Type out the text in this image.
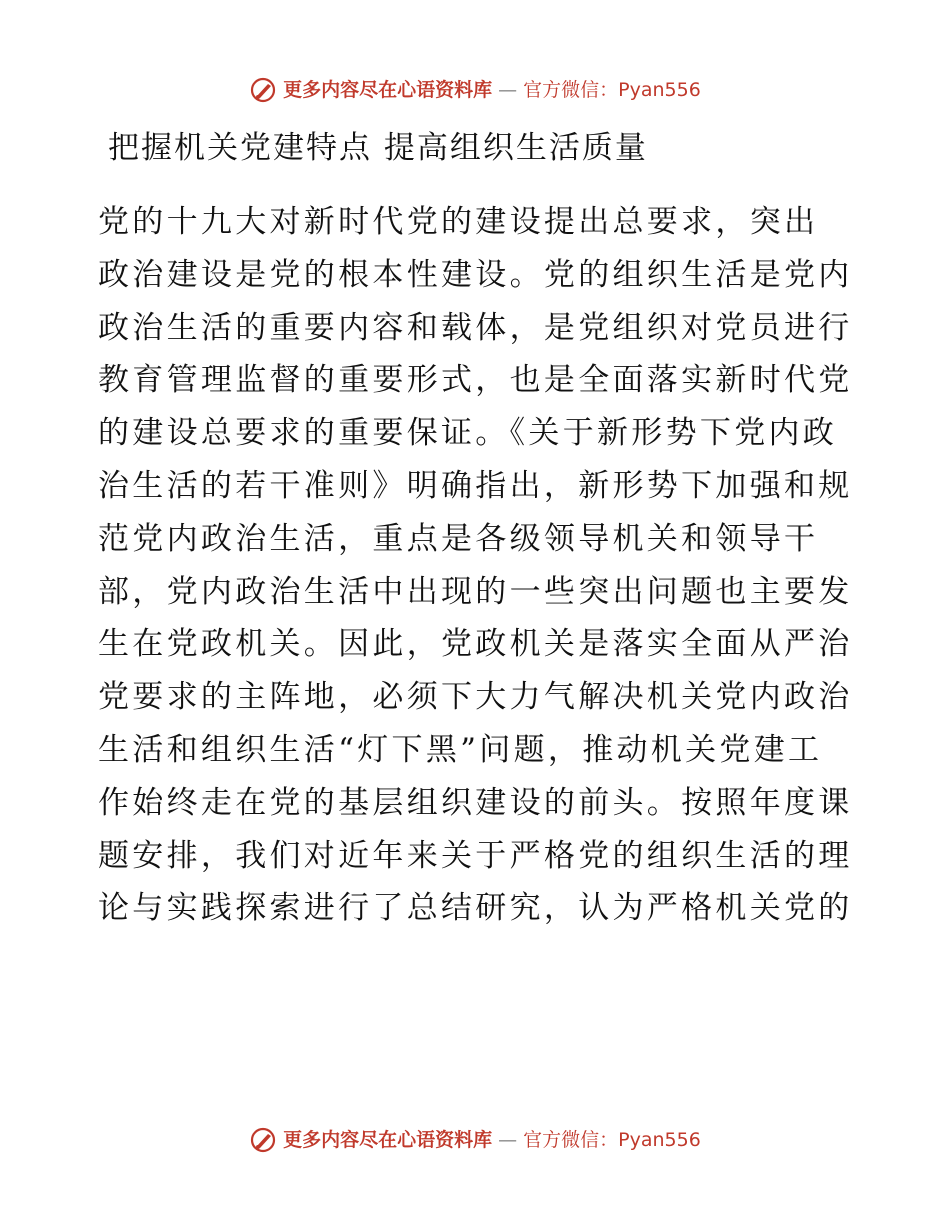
更多内容尽在心语资料库 — 官方微信：Pyan556
把握机关党建特点 提高组织生活质量
党的十九大对新时代党的建设提出总要求，突出
政治建设是党的根本性建设。党的组织生活是党内
政治生活的重要内容和载体，是党组织对党员进行
教育管理监督的重要形式，也是全面落实新时代党
的建设总要求的重要保证。《关于新形势下党内政
治生活的若干准则》明确指出，新形势下加强和规
范党内政治生活，重点是各级领导机关和领导干
部，党内政治生活中出现的一些突出问题也主要发
生在党政机关。因此，党政机关是落实全面从严治
党要求的主阵地，必须下大力气解决机关党内政治
生活和组织生活“灯下黑”问题，推动机关党建工
作始终走在党的基层组织建设的前头。按照年度课
题安排，我们对近年来关于严格党的组织生活的理
论与实践探索进行了总结研究，认为严格机关党的
更多内容尽在心语资料库 — 官方微信：Pyan556
